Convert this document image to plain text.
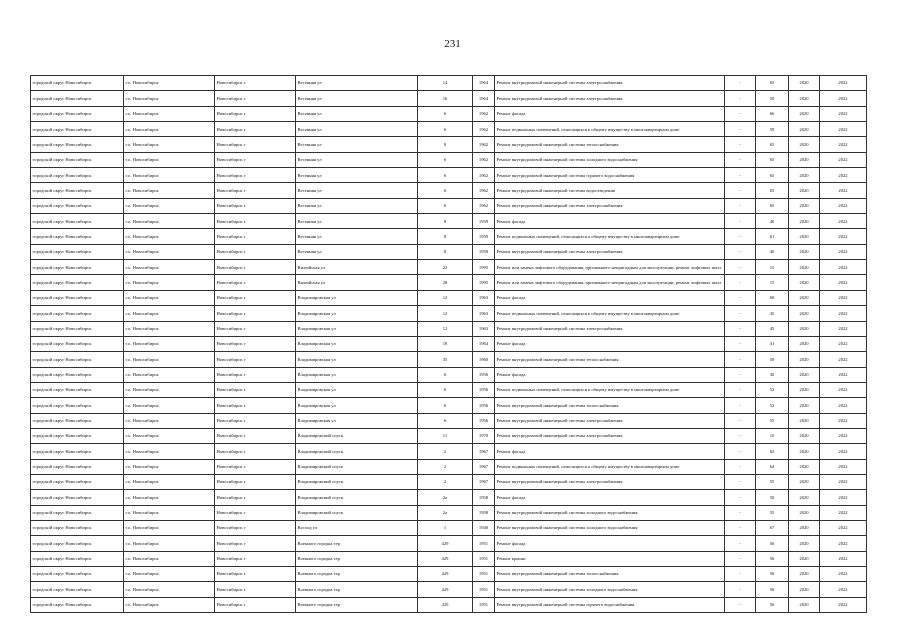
231
городской округ Новосибирск	г.о. Новосибирск	Новосибирск г	Весенняя ул	14	1964	Ремонт внутридомовой инженерной системы электроснабжения	-	65	2020	2022
городской округ Новосибирск	г.о. Новосибирск	Новосибирск г	Весенняя ул	16	1964	Ремонт внутридомовой инженерной системы электроснабжения	-	50	2020	2022
городской округ Новосибирск	г.о. Новосибирск	Новосибирск г	Весенняя ул	6	1962	Ремонт фасада	-	66	2020	2022
городской округ Новосибирск	г.о. Новосибирск	Новосибирск г	Весенняя ул	6	1962	Ремонт подвальных помещений, относящихся к общему имуществу в многоквартирном доме	-	59	2020	2022
городской округ Новосибирск	г.о. Новосибирск	Новосибирск г	Весенняя ул	8	1962	Ремонт внутридомовой инженерной системы теплоснабжения	-	65	2020	2022
городской округ Новосибирск	г.о. Новосибирск	Новосибирск г	Весенняя ул	6	1962	Ремонт внутридомовой инженерной системы холодного водоснабжения	-	65	2020	2022
городской округ Новосибирск	г.о. Новосибирск	Новосибирск г	Весенняя ул	6	1962	Ремонт внутридомовой инженерной системы горячего водоснабжения	-	65	2020	2022
городской округ Новосибирск	г.о. Новосибирск	Новосибирск г	Весенняя ул	6	1962	Ремонт внутридомовой инженерной системы водоотведения	-	65	2020	2022
городской округ Новосибирск	г.о. Новосибирск	Новосибирск г	Весенняя ул	6	1962	Ремонт внутридомовой инженерной системы электроснабжения	-	65	2020	2022
городской округ Новосибирск	г.о. Новосибирск	Новосибирск г	Весенняя ул	8	1959	Ремонт фасада	-	40	2020	2022
городской округ Новосибирск	г.о. Новосибирск	Новосибирск г	Весенняя ул	8	1959	Ремонт подвальных помещений, относящихся к общему имуществу в многоквартирном доме	-	61	2020	2022
городской округ Новосибирск	г.о. Новосибирск	Новосибирск г	Весенняя ул	8	1959	Ремонт внутридомовой инженерной системы электроснабжения	-	40	2020	2022
городской округ Новосибирск	г.о. Новосибирск	Новосибирск г	Вилюйская ул	22	1995	Ремонт или замена лифтового оборудования, признанного непригодным для эксплуатации, ремонт лифтовых шахт	-	15	2020	2022
городской округ Новосибирск	г.о. Новосибирск	Новосибирск г	Вилюйская ул	28	1995	Ремонт или замена лифтового оборудования, признанного непригодным для эксплуатации, ремонт лифтовых шахт	-	15	2020	2022
городской округ Новосибирск	г.о. Новосибирск	Новосибирск г	Владимировская ул	12	1963	Ремонт фасада	-	60	2020	2022
городской округ Новосибирск	г.о. Новосибирск	Новосибирск г	Владимировская ул	12	1963	Ремонт подвальных помещений, относящихся к общему имуществу в многоквартирном доме	-	45	2020	2022
городской округ Новосибирск	г.о. Новосибирск	Новосибирск г	Владимировская ул	12	1963	Ремонт внутридомовой инженерной системы электроснабжения	-	45	2020	2022
городской округ Новосибирск	г.о. Новосибирск	Новосибирск г	Владимировская ул	18	1964	Ремонт фасада	-	41	2020	2022
городской округ Новосибирск	г.о. Новосибирск	Новосибирск г	Владимировская ул	35	1960	Ремонт внутридомовой инженерной системы теплоснабжения	-	50	2020	2022
городской округ Новосибирск	г.о. Новосибирск	Новосибирск г	Владимировская ул	6	1956	Ремонт фасада	-	30	2020	2022
городской округ Новосибирск	г.о. Новосибирск	Новосибирск г	Владимировская ул	6	1956	Ремонт подвальных помещений, относящихся к общему имуществу в многоквартирном доме	-	52	2020	2022
городской округ Новосибирск	г.о. Новосибирск	Новосибирск г	Владимировская ул	6	1956	Ремонт внутридомовой инженерной системы теплоснабжения	-	52	2020	2022
городской округ Новосибирск	г.о. Новосибирск	Новосибирск г	Владимировская ул	6	1956	Ремонт внутридомовой инженерной системы электроснабжения	-	55	2020	2022
городской округ Новосибирск	г.о. Новосибирск	Новосибирск г	Владимировский спуск	11	1970	Ремонт внутридомовой инженерной системы электроснабжения	-	10	2020	2022
городской округ Новосибирск	г.о. Новосибирск	Новосибирск г	Владимировский спуск	2	1967	Ремонт фасада	-	65	2020	2022
городской округ Новосибирск	г.о. Новосибирск	Новосибирск г	Владимировский спуск	2	1967	Ремонт подвальных помещений, относящихся к общему имуществу в многоквартирном доме	-	64	2020	2022
городской округ Новосибирск	г.о. Новосибирск	Новосибирск г	Владимировский спуск	2	1967	Ремонт внутридомовой инженерной системы электроснабжения	-	55	2020	2022
городской округ Новосибирск	г.о. Новосибирск	Новосибирск г	Владимировский спуск	2а	1958	Ремонт фасада	-	50	2020	2022
городской округ Новосибирск	г.о. Новосибирск	Новосибирск г	Владимировский спуск	2а	1958	Ремонт внутридомовой инженерной системы холодного водоснабжения	-	55	2020	2022
городской округ Новосибирск	г.о. Новосибирск	Новосибирск г	Восход ул	1	1940	Ремонт внутридомовой инженерной системы холодного водоснабжения	-	67	2020	2022
городской округ Новосибирск	г.о. Новосибирск	Новосибирск г	Военного городка тер	429	1951	Ремонт фасада	-	56	2020	2022
городской округ Новосибирск	г.о. Новосибирск	Новосибирск г	Военного городка тер	429	1951	Ремонт крыши	-	56	2020	2022
городской округ Новосибирск	г.о. Новосибирск	Новосибирск г	Военного городка тер	429	1951	Ремонт внутридомовой инженерной системы теплоснабжения	-	56	2020	2022
городской округ Новосибирск	г.о. Новосибирск	Новосибирск г	Военного городка тер	429	1951	Ремонт внутридомовой инженерной системы холодного водоснабжения	-	56	2020	2022
городской округ Новосибирск	г.о. Новосибирск	Новосибирск г	Военного городка тер	429	1951	Ремонт внутридомовой инженерной системы горячего водоснабжения	-	56	2020	2022
